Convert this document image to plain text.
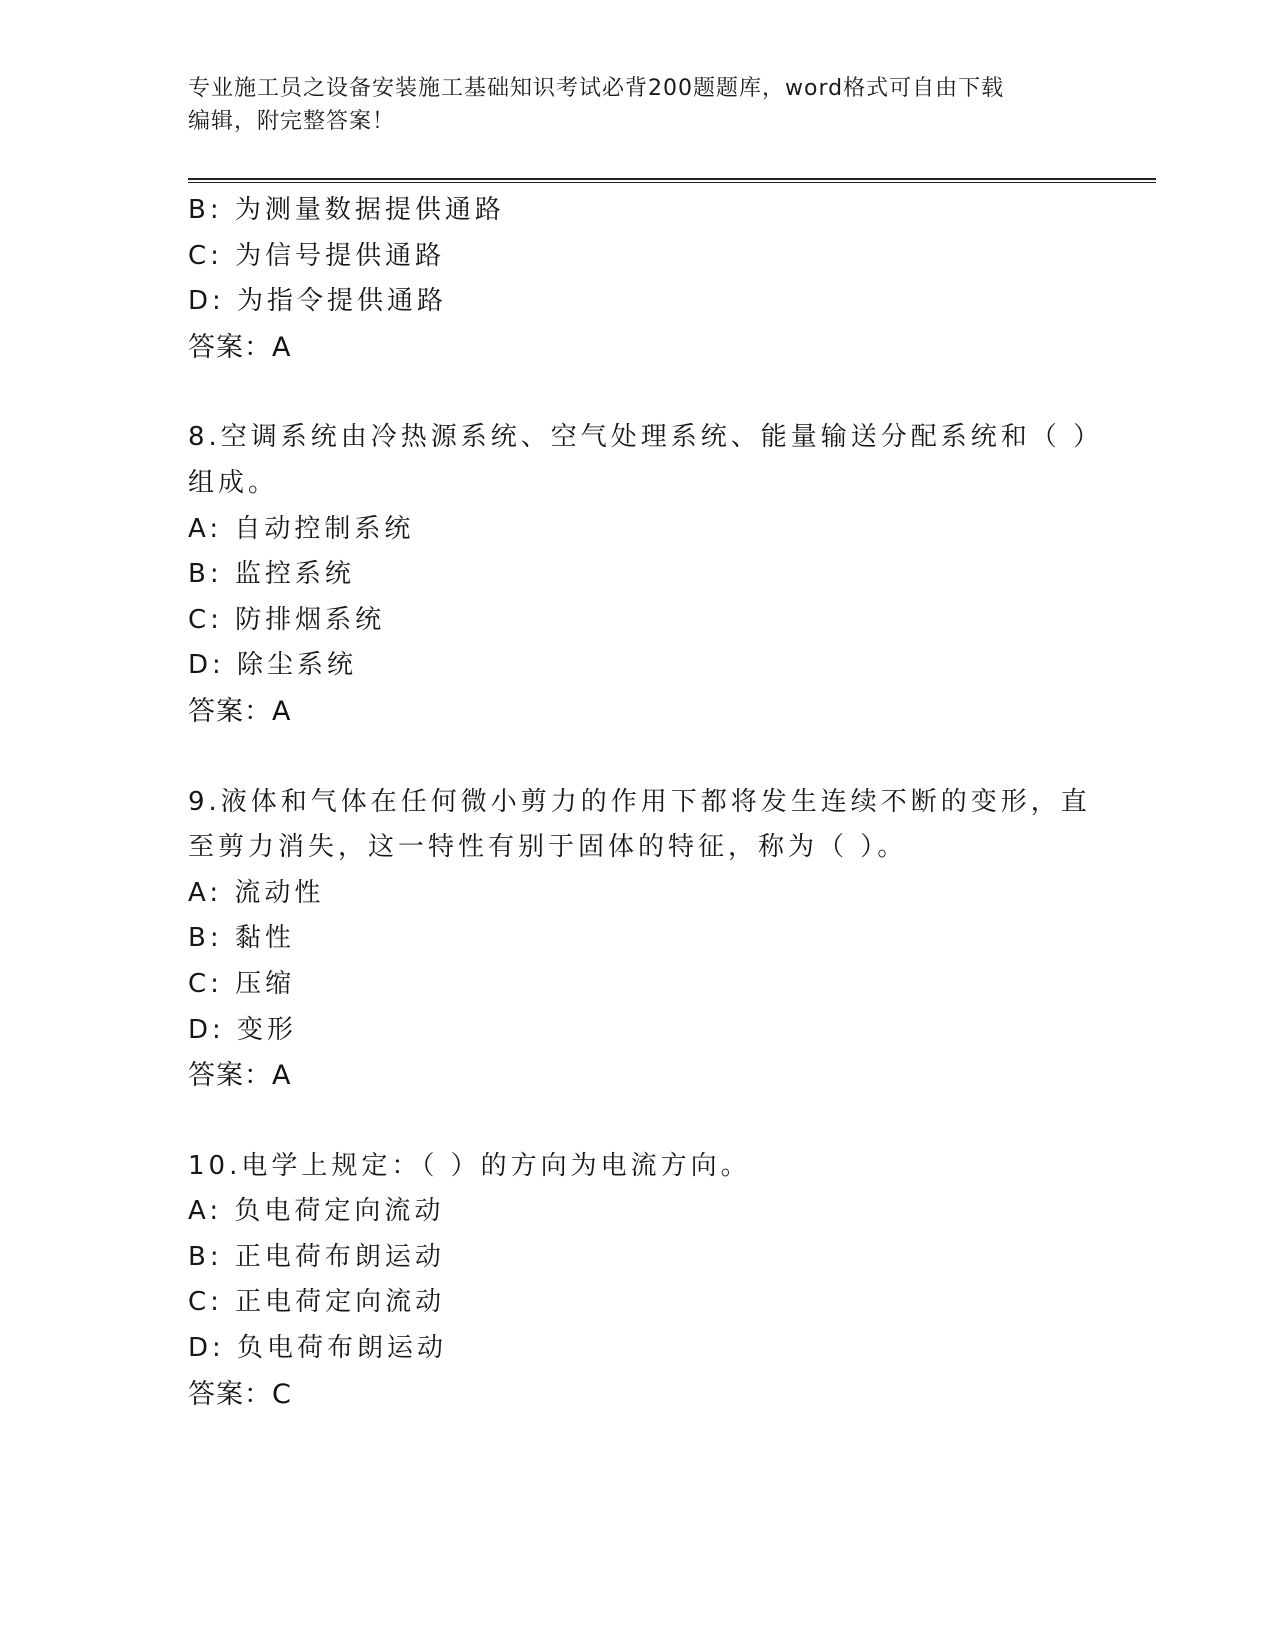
专业施工员之设备安装施工基础知识考试必背200题题库，word格式可自由下载
编辑，附完整答案！
B: 为测量数据提供通路
C: 为信号提供通路
D: 为指令提供通路
答案：A
8.空调系统由冷热源系统、空气处理系统、能量输送分配系统和（ ）
组成。
A: 自动控制系统
B: 监控系统
C: 防排烟系统
D: 除尘系统
答案：A
9.液体和气体在任何微小剪力的作用下都将发生连续不断的变形，直
至剪力消失，这一特性有别于固体的特征，称为（ ）。
A: 流动性
B: 黏性
C: 压缩
D: 变形
答案：A
10.电学上规定：（ ）的方向为电流方向。
A: 负电荷定向流动
B: 正电荷布朗运动
C: 正电荷定向流动
D: 负电荷布朗运动
答案：C
